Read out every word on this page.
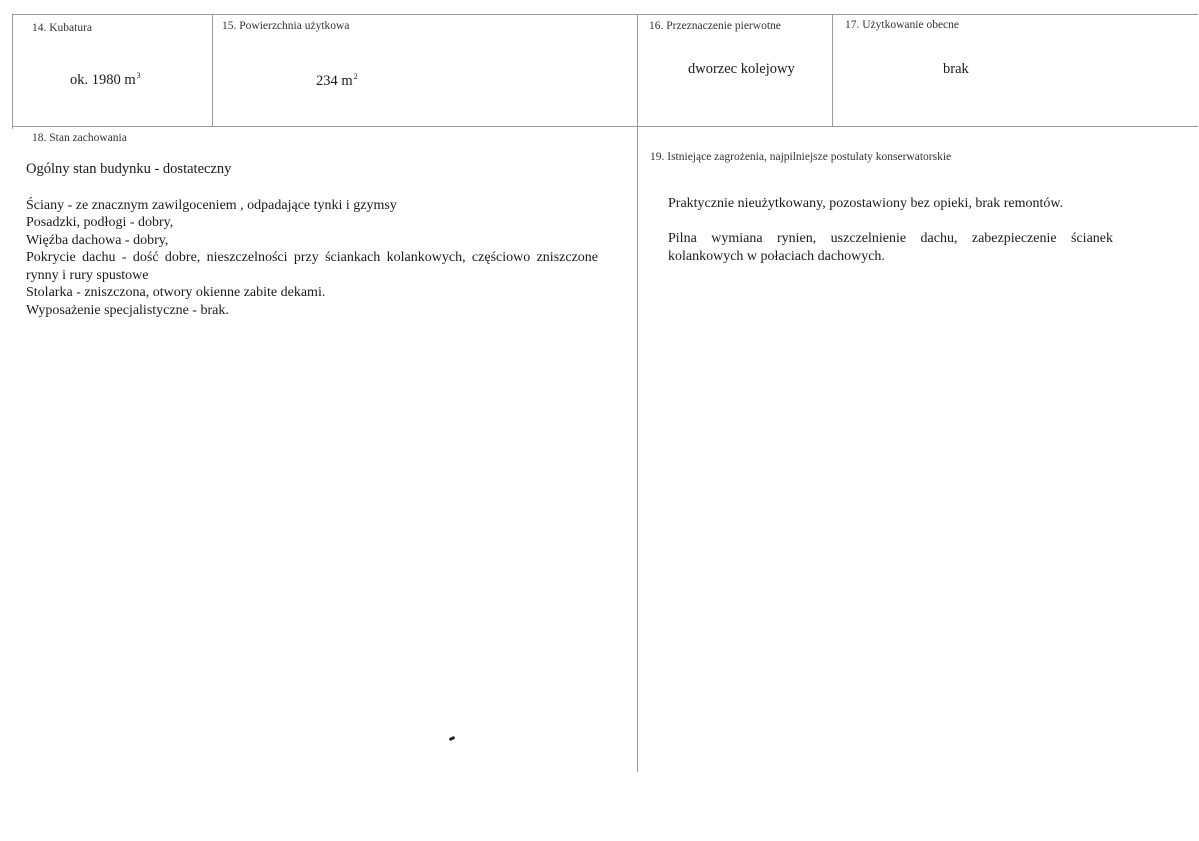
14. Kubatura
ok. 1980 $m^3$
15. Powierzchnia użytkowa
234 $m^2$
16. Przeznaczenie pierwotne
dworzec kolejowy
17. Użytkowanie obecne
brak
18. Stan zachowania

Ogólny stan budynku - dostateczny

Ściany - ze znacznym zawilgoceniem , odpadające tynki i gzymsy

Posadzki, podłogi - dobry,

Więźba dachowa - dobry,

Pokrycie dachu - dość dobre, nieszczelności przy ściankach kolankowych, częściowo zniszczone rynny i rury spustowe

Stolarka - zniszczona, otwory okienne zabite dekami.

Wyposażenie specjalistyczne - brak.

19. Istniejące zagrożenia, najpilniejsze postulaty konserwatorskie

Praktycznie nieużytkowany, pozostawiony bez opieki, brak remontów.

Pilna wymiana rynien, uszczelnienie dachu, zabezpieczenie ścianek kolankowych w połaciach dachowych.
